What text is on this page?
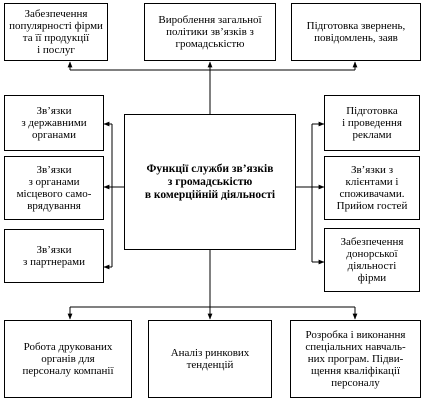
Забезпечення
популярності фірми
та її продукції
і послуг
Вироблення загальної
політики зв’язків з
громадськістю
Підготовка звернень,
повідомлень, заяв
Зв’язки
з державними
органами
Зв’язки
з органами
місцевого само-
врядування
Зв’язки
з партнерами
Функції служби зв’язків
з громадськістю
в комерційній діяльності
Підготовка
і проведення
реклами
Зв’язки з
клієнтами і
споживачами.
Прийом гостей
Забезпечення
донорської
діяльності
фірми
Робота друкованих
органів для
персоналу компанії
Аналіз ринкових
тенденцій
Розробка і виконання
спеціальних навчаль-
них програм. Підви-
щення кваліфікації
персоналу
